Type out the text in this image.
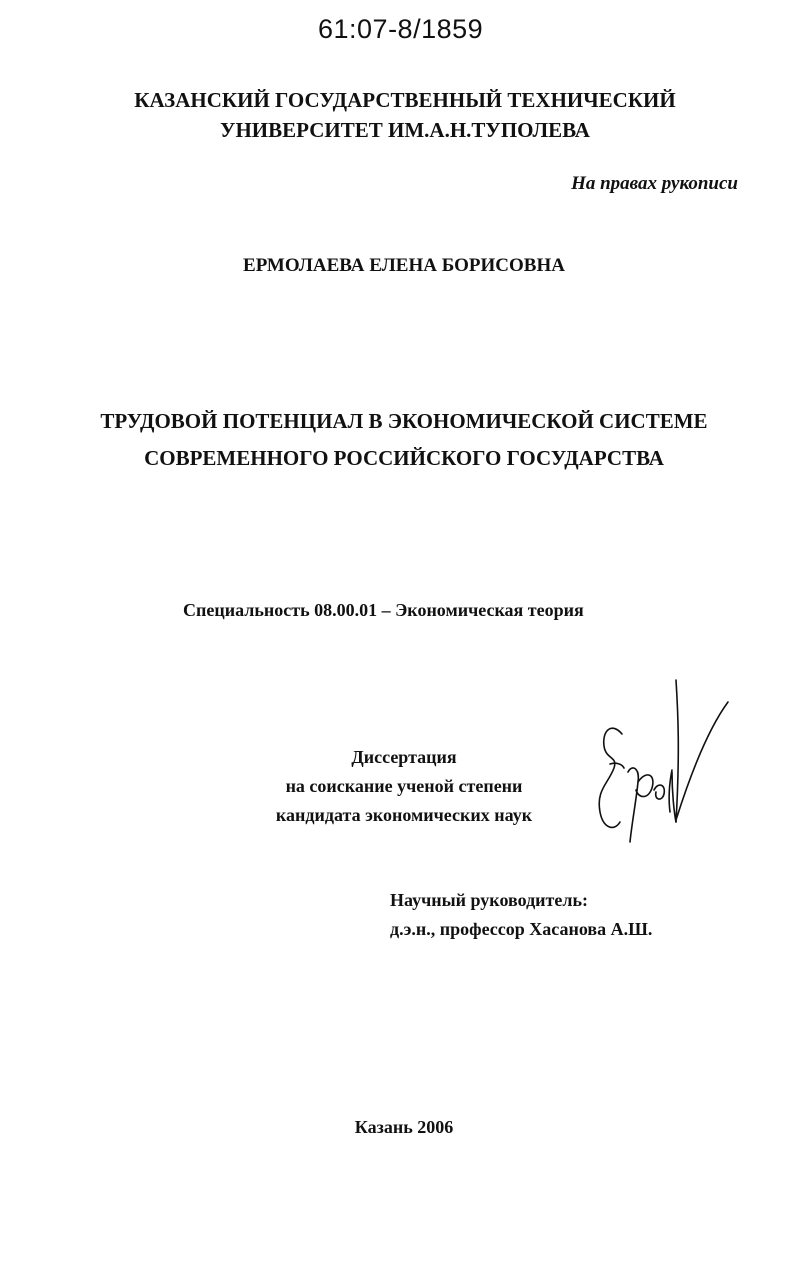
61:07-8/1859
КАЗАНСКИЙ ГОСУДАРСТВЕННЫЙ ТЕХНИЧЕСКИЙ
УНИВЕРСИТЕТ ИМ.А.Н.ТУПОЛЕВА
На правах рукописи
ЕРМОЛАЕВА ЕЛЕНА БОРИСОВНА
ТРУДОВОЙ ПОТЕНЦИАЛ В ЭКОНОМИЧЕСКОЙ СИСТЕМЕ
СОВРЕМЕННОГО РОССИЙСКОГО ГОСУДАРСТВА
Специальность 08.00.01 – Экономическая теория
Диссертация
на соискание ученой степени
кандидата экономических наук
Научный руководитель:
д.э.н., профессор Хасанова А.Ш.
Казань 2006
